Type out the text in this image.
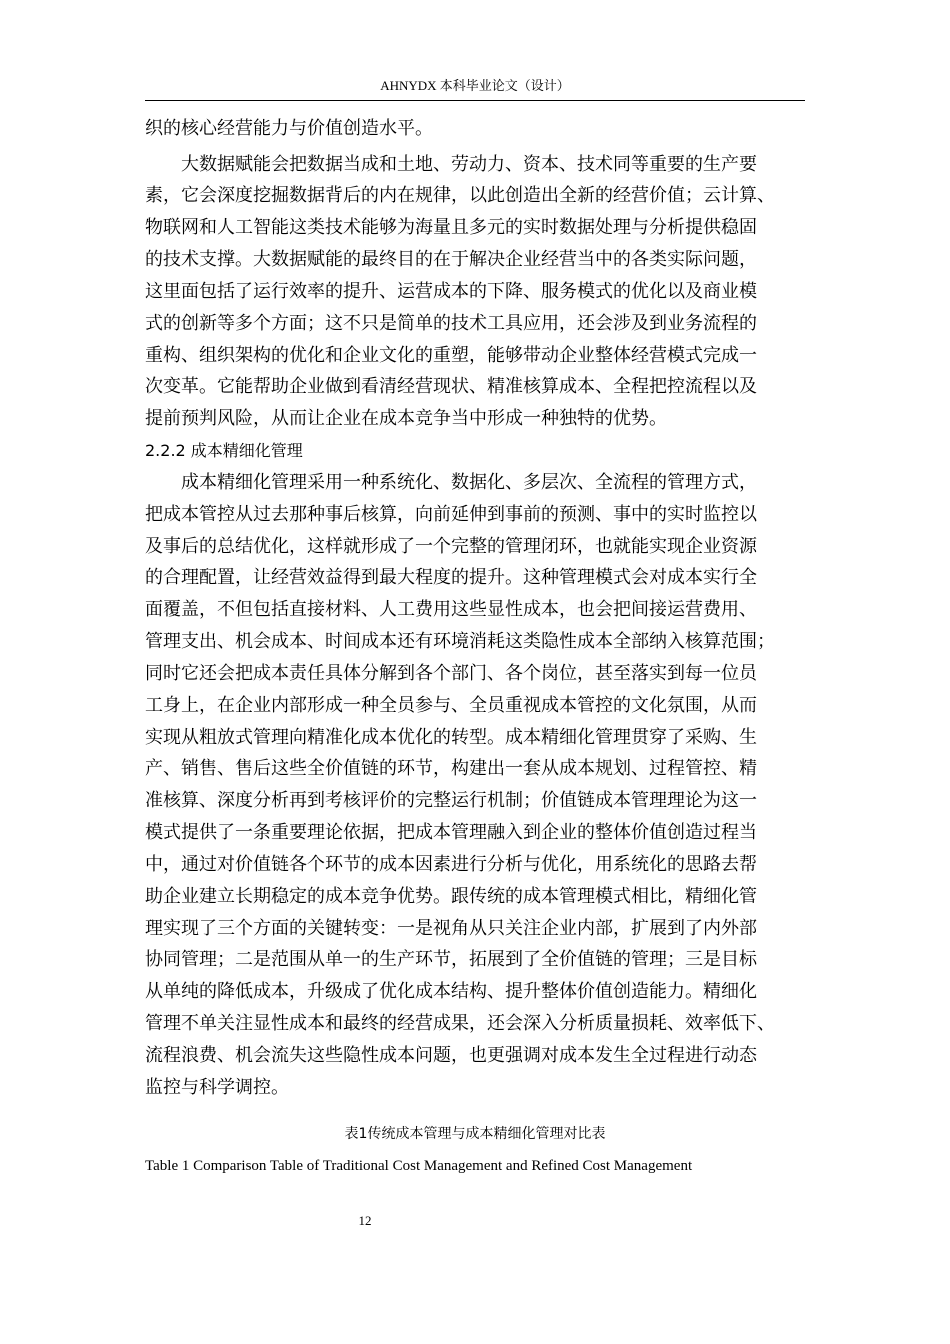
AHNYDX 本科毕业论文（设计）
织的核心经营能力与价值创造水平。
大数据赋能会把数据当成和土地、劳动力、资本、技术同等重要的生产要
素，它会深度挖掘数据背后的内在规律，以此创造出全新的经营价值；云计算、
物联网和人工智能这类技术能够为海量且多元的实时数据处理与分析提供稳固
的技术支撑。大数据赋能的最终目的在于解决企业经营当中的各类实际问题，
这里面包括了运行效率的提升、运营成本的下降、服务模式的优化以及商业模
式的创新等多个方面；这不只是简单的技术工具应用，还会涉及到业务流程的
重构、组织架构的优化和企业文化的重塑，能够带动企业整体经营模式完成一
次变革。它能帮助企业做到看清经营现状、精准核算成本、全程把控流程以及
提前预判风险，从而让企业在成本竞争当中形成一种独特的优势。
2.2.2 成本精细化管理
成本精细化管理采用一种系统化、数据化、多层次、全流程的管理方式，
把成本管控从过去那种事后核算，向前延伸到事前的预测、事中的实时监控以
及事后的总结优化，这样就形成了一个完整的管理闭环，也就能实现企业资源
的合理配置，让经营效益得到最大程度的提升。这种管理模式会对成本实行全
面覆盖，不但包括直接材料、人工费用这些显性成本，也会把间接运营费用、
管理支出、机会成本、时间成本还有环境消耗这类隐性成本全部纳入核算范围；
同时它还会把成本责任具体分解到各个部门、各个岗位，甚至落实到每一位员
工身上，在企业内部形成一种全员参与、全员重视成本管控的文化氛围，从而
实现从粗放式管理向精准化成本优化的转型。成本精细化管理贯穿了采购、生
产、销售、售后这些全价值链的环节，构建出一套从成本规划、过程管控、精
准核算、深度分析再到考核评价的完整运行机制；价值链成本管理理论为这一
模式提供了一条重要理论依据，把成本管理融入到企业的整体价值创造过程当
中，通过对价值链各个环节的成本因素进行分析与优化，用系统化的思路去帮
助企业建立长期稳定的成本竞争优势。跟传统的成本管理模式相比，精细化管
理实现了三个方面的关键转变：一是视角从只关注企业内部，扩展到了内外部
协同管理；二是范围从单一的生产环节，拓展到了全价值链的管理；三是目标
从单纯的降低成本，升级成了优化成本结构、提升整体价值创造能力。精细化
管理不单关注显性成本和最终的经营成果，还会深入分析质量损耗、效率低下、
流程浪费、机会流失这些隐性成本问题，也更强调对成本发生全过程进行动态
监控与科学调控。
表1传统成本管理与成本精细化管理对比表
Table 1 Comparison Table of Traditional Cost Management and Refined Cost Management
12
